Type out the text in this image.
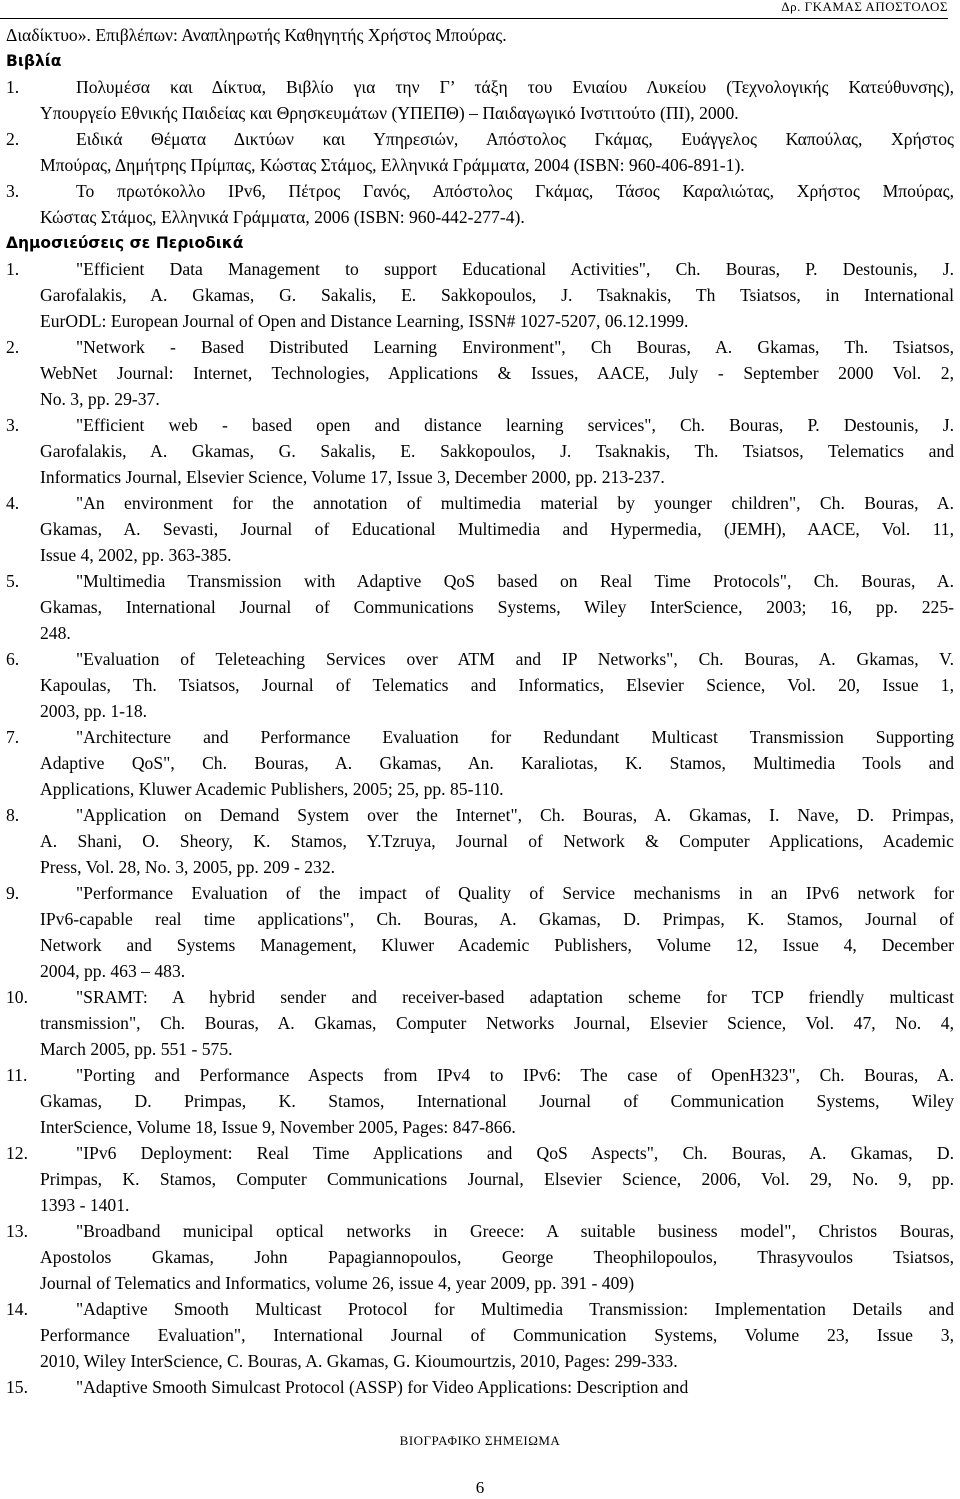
Δρ. ΓΚΑΜΑΣ ΑΠΟΣΤΟΛΟΣ
Διαδίκτυο». Επιβλέπων: Αναπληρωτής Καθηγητής Χρήστος Μπούρας.
Βιβλία
1.	Πολυμέσα και Δίκτυα, Βιβλίο για την Γ’ τάξη του Ενιαίου Λυκείου (Τεχνολογικής Κατεύθυνσης),
Υπουργείο Εθνικής Παιδείας και Θρησκευμάτων (ΥΠΕΠΘ) – Παιδαγωγικό Ινστιτούτο (ΠΙ), 2000.
2.	Ειδικά Θέματα Δικτύων και Υπηρεσιών, Απόστολος Γκάμας, Ευάγγελος Καπούλας, Χρήστος
Μπούρας, Δημήτρης Πρίμπας, Κώστας Στάμος, Ελληνικά Γράμματα, 2004 (ISBN: 960-406-891-1).
3.	Το πρωτόκολλο IPv6, Πέτρος Γανός, Απόστολος Γκάμας, Τάσος Καραλιώτας, Χρήστος Μπούρας,
Κώστας Στάμος, Ελληνικά Γράμματα, 2006 (ISBN: 960-442-277-4).
Δημοσιεύσεις σε Περιοδικά
1.	"Efficient Data Management to support Educational Activities", Ch. Bouras, P. Destounis, J.
Garofalakis, A. Gkamas, G. Sakalis, E. Sakkopoulos, J. Tsaknakis, Th Tsiatsos, in International
EurODL: European Journal of Open and Distance Learning, ISSN# 1027-5207, 06.12.1999.
2.	"Network - Based Distributed Learning Environment", Ch Bouras, A. Gkamas, Th. Tsiatsos,
WebNet Journal: Internet, Technologies, Applications & Issues, AACE, July - September 2000 Vol. 2,
No. 3, pp. 29-37.
3.	"Efficient web - based open and distance learning services", Ch. Bouras, P. Destounis, J.
Garofalakis, A. Gkamas, G. Sakalis, E. Sakkopoulos, J. Tsaknakis, Th. Tsiatsos, Telematics and
Informatics Journal, Elsevier Science, Volume 17, Issue 3, December 2000, pp. 213-237.
4.	"An environment for the annotation of multimedia material by younger children", Ch. Bouras, A.
Gkamas, A. Sevasti, Journal of Educational Multimedia and Hypermedia, (JEMH), AACE, Vol. 11,
Issue 4, 2002, pp. 363-385.
5.	"Multimedia Transmission with Adaptive QoS based on Real Time Protocols", Ch. Bouras, A.
Gkamas, International Journal of Communications Systems, Wiley InterScience, 2003; 16, pp. 225-
248.
6.	"Evaluation of Teleteaching Services over ATM and IP Networks", Ch. Bouras, A. Gkamas, V.
Kapoulas, Th. Tsiatsos, Journal of Telematics and Informatics, Elsevier Science, Vol. 20, Issue 1,
2003, pp. 1-18.
7.	"Architecture and Performance Evaluation for Redundant Multicast Transmission Supporting
Adaptive QoS", Ch. Bouras, A. Gkamas, An. Karaliotas, K. Stamos, Multimedia Tools and
Applications, Kluwer Academic Publishers, 2005; 25, pp. 85-110.
8.	"Application on Demand System over the Internet", Ch. Bouras, A. Gkamas, I. Nave, D. Primpas,
A. Shani, O. Sheory, K. Stamos, Y.Tzruya, Journal of Network & Computer Applications, Academic
Press, Vol. 28, No. 3, 2005, pp. 209 - 232.
9.	"Performance Evaluation of the impact of Quality of Service mechanisms in an IPv6 network for
IPv6-capable real time applications", Ch. Bouras, A. Gkamas, D. Primpas, K. Stamos, Journal of
Network and Systems Management, Kluwer Academic Publishers, Volume 12, Issue 4, December
2004, pp. 463 – 483.
10.	"SRAMT: A hybrid sender and receiver-based adaptation scheme for TCP friendly multicast
transmission", Ch. Bouras, A. Gkamas, Computer Networks Journal, Elsevier Science, Vol. 47, No. 4,
March 2005, pp. 551 - 575.
11.	"Porting and Performance Aspects from IPv4 to IPv6: The case of OpenH323", Ch. Bouras, A.
Gkamas, D. Primpas, K. Stamos, International Journal of Communication Systems, Wiley
InterScience, Volume 18, Issue 9, November 2005, Pages: 847-866.
12.	"IPv6 Deployment: Real Time Applications and QoS Aspects", Ch. Bouras, A. Gkamas, D.
Primpas, K. Stamos, Computer Communications Journal, Elsevier Science, 2006, Vol. 29, No. 9, pp.
1393 - 1401.
13.	"Broadband municipal optical networks in Greece: A suitable business model", Christos Bouras,
Apostolos Gkamas, John Papagiannopoulos, George Theophilopoulos, Thrasyvoulos Tsiatsos,
Journal of Telematics and Informatics, volume 26, issue 4, year 2009, pp. 391 - 409)
14.	"Adaptive Smooth Multicast Protocol for Multimedia Transmission: Implementation Details and
Performance Evaluation", International Journal of Communication Systems, Volume 23, Issue 3,
2010, Wiley InterScience, C. Bouras, A. Gkamas, G. Kioumourtzis, 2010, Pages: 299-333.
15.	"Adaptive Smooth Simulcast Protocol (ASSP) for Video Applications: Description and
ΒΙΟΓΡΑΦΙΚΟ ΣΗΜΕΙΩΜΑ
6
